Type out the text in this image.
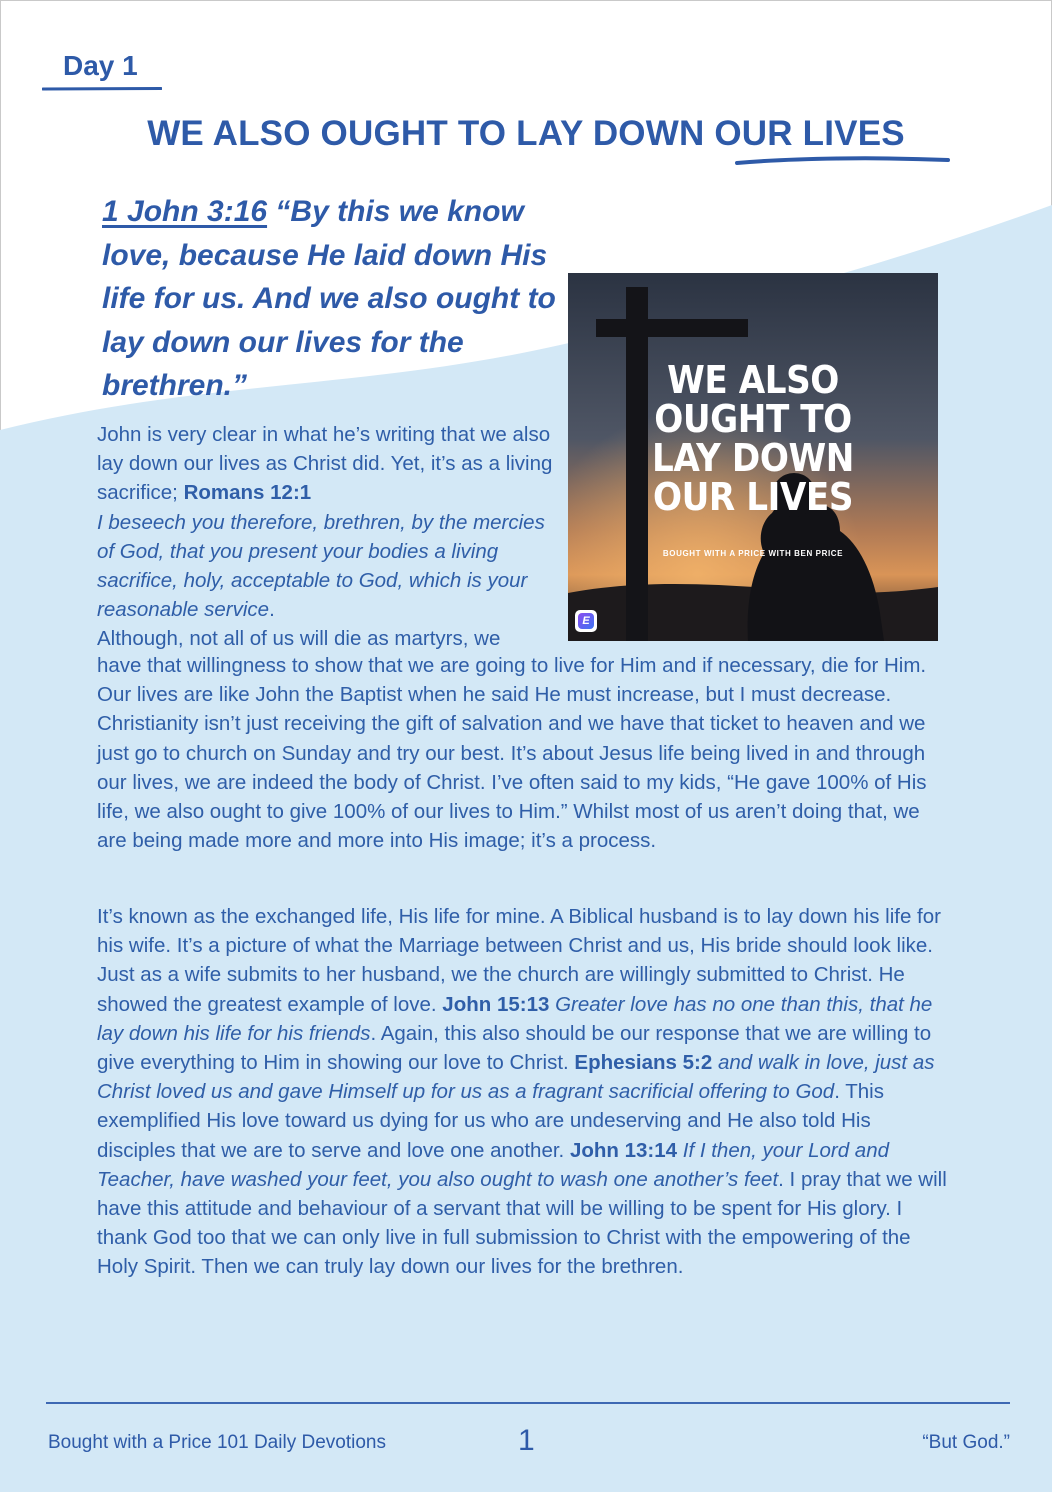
Day 1
WE ALSO OUGHT TO LAY DOWN OUR LIVES
1 John 3:16 “By this we know love, because He laid down His life for us. And we also ought to lay down our lives for the brethren.”	WE ALSO
OUGHT TO
LAY DOWN
OUR LIVES
BOUGHT WITH A PRICE WITH BEN PRICE
E

John is very clear in what he’s writing that we also lay down our lives as Christ did. Yet, it’s as a living sacrifice; Romans 12:1
I beseech you therefore, brethren, by the mercies of God, that you present your bodies a living sacrifice, holy, acceptable to God, which is your reasonable service.
Although, not all of us will die as martyrs, we

have that willingness to show that we are going to live for Him and if necessary, die for Him. Our lives are like John the Baptist when he said He must increase, but I must decrease. Christianity isn’t just receiving the gift of salvation and we have that ticket to heaven and we just go to church on Sunday and try our best. It’s about Jesus life being lived in and through our lives, we are indeed the body of Christ. I’ve often said to my kids, “He gave 100% of His life, we also ought to give 100% of our lives to Him.” Whilst most of us aren’t doing that, we are being made more and more into His image; it’s a process.

It’s known as the exchanged life, His life for mine. A Biblical husband is to lay down his life for his wife. It’s a picture of what the Marriage between Christ and us, His bride should look like. Just as a wife submits to her husband, we the church are willingly submitted to Christ. He showed the greatest example of love. John 15:13 Greater love has no one than this, that he lay down his life for his friends. Again, this also should be our response that we are willing to give everything to Him in showing our love to Christ. Ephesians 5:2 and walk in love, just as Christ loved us and gave Himself up for us as a fragrant sacrificial offering to God. This exemplified His love toward us dying for us who are undeserving and He also told His disciples that we are to serve and love one another. John 13:14 If I then, your Lord and Teacher, have washed your feet, you also ought to wash one another’s feet. I pray that we will have this attitude and behaviour of a servant that will be willing to be spent for His glory. I thank God too that we can only live in full submission to Christ with the empowering of the Holy Spirit. Then we can truly lay down our lives for the brethren.

Bought with a Price 101 Daily Devotions	1	“But God.”
